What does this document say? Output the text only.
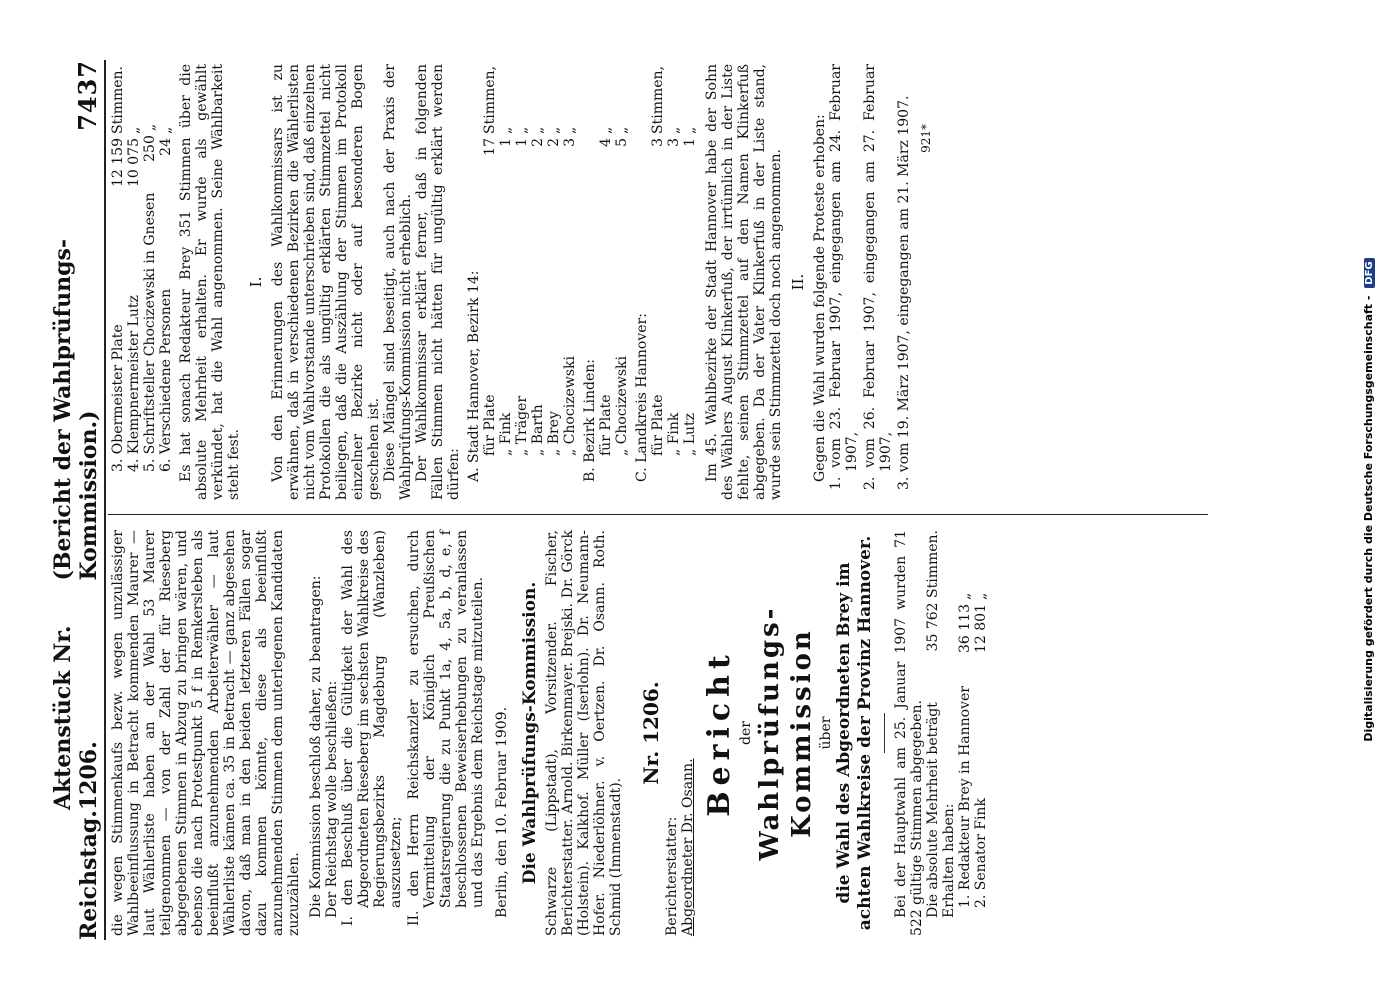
Reichstag.
Aktenstück Nr. 1206.
(Bericht der Wahlprüfungs-Kommission.)
7437

die wegen Stimmenkaufs bezw. wegen unzulässiger Wahlbeeinflussung in Betracht kommenden Maurer — laut Wählerliste haben an der Wahl 53 Maurer teilgenommen — von der Zahl der für Riesеberg abgegebenen Stimmen in Abzug zu bringen wären, und ebenso die nach Protestpunkt 5 f in Remkersleben als beeinflußt anzunehmenden Arbeiterwähler — laut Wählerliste kämen ca. 35 in Betracht — ganz abgesehen davon, daß man in den beiden letzteren Fällen sogar dazu kommen könnte, diese als beeinflußt anzunehmenden Stimmen dem unterlegenen Kandidaten zuzuzählen. Die Kommission beschloß daher, zu beantragen: Der Reichstag wolle beschließen: I. den Beschluß über die Gültigkeit der Wahl des Abgeordneten Rieseberg im sechsten Wahlkreise des Regierungsbezirks Magdeburg (Wanzleben) auszusetzen; II. den Herrn Reichskanzler zu ersuchen, durch Vermittelung der Königlich Preußischen Staatsregierung die zu Punkt 1a, 4, 5a, b, d, e, f beschlossenen Beweiserhebungen zu veranlassen und das Ergebnis dem Reichstage mitzuteilen. Berlin, den 10. Februar 1909. Die Wahlprüfungs-Kommission. Schwarze (Lippstadt), Vorsitzender. Fischer, Berichterstatter. Arnold. Birkenmayer. Brejski. Dr. Görck (Holstein). Kalkhof. Müller (Iserlohn). Dr. Neumann-Hofer. Niederlöhner. v. Oertzen. Dr. Osann. Roth. Schmid (Immenstadt).

Nr. 1206.

Berichterstatter: Abgeordneter Dr. Osann.

Bericht der Wahlprüfungs-Kommission über die Wahl des Abgeordneten Brey im achten Wahlkreise der Provinz Hannover. Bei der Hauptwahl am 25. Januar 1907 wurden 71 522 gültige Stimmen abgegeben. Die absolute Mehrheit beträgt
35 762 Stimmen.

Erhalten haben: 1. Redakteur Brey in Hannover
36 113
„
2. Senator Fink
12 801
„
3. Obermeister Plate
12 159
Stimmen.
4. Klempnermeister Lutz
10 075
„
5. Schriftsteller Chocizewski in Gnesen
250
„
6. Verschiedene Personen
24
„ Es hat sonach Redakteur Brey 351 Stimmen über die absolute Mehrheit erhalten. Er wurde als gewählt verkündet, hat die Wahl angenommen. Seine Wählbarkeit steht fest.

I. Von den Erinnerungen des Wahlkommissars ist zu erwähnen, daß in verschiedenen Bezirken die Wählerlisten nicht vom Wahlvorstande unterschrieben sind, daß einzelnen Protokollen die als ungültig erklärten Stimmzettel nicht beiliegen, daß die Auszählung der Stimmen im Protokoll einzelner Bezirke nicht oder auf besonderen Bogen geschehen ist. Diese Mängel sind beseitigt, auch nach der Praxis der Wahlprüfungs-Kommission nicht erheblich. Der Wahlkommissar erklärt ferner, daß in folgenden Fällen Stimmen nicht hätten für ungültig erklärt werden dürfen: A. Stadt Hannover, Bezirk 14: für Plate
17
Stimmen,
„ Fink
1
„
„ Träger
1
„
„ Barth
2
„
„ Brey
2
„
„ Chocizewski
3
„

B. Bezirk Linden: für Plate
4
„
„ Chocizewski
5
„

C. Landkreis Hannover: für Plate
3
Stimmen,
„ Fink
3
„
„ Lutz
1
„ Im 45. Wahlbezirke der Stadt Hannover habe der Sohn des Wählers August Klinkerfuß, der irrtümlich in der Liste fehlte, seinen Stimmzettel auf den Namen Klinkerfuß abgegeben. Da der Vater Klinkerfuß in der Liste stand, wurde sein Stimmzettel doch noch angenommen. II. Gegen die Wahl wurden folgende Proteste erhoben: 1. vom 23. Februar 1907, eingegangen am 24. Februar 1907, 2. vom 26. Februar 1907, eingegangen am 27. Februar 1907, 3. vom 19. März 1907, eingegangen am 21. März 1907. 921*

Digitalisierung gefördert durch die Deutsche Forschungsgemeinschaft - DFG
